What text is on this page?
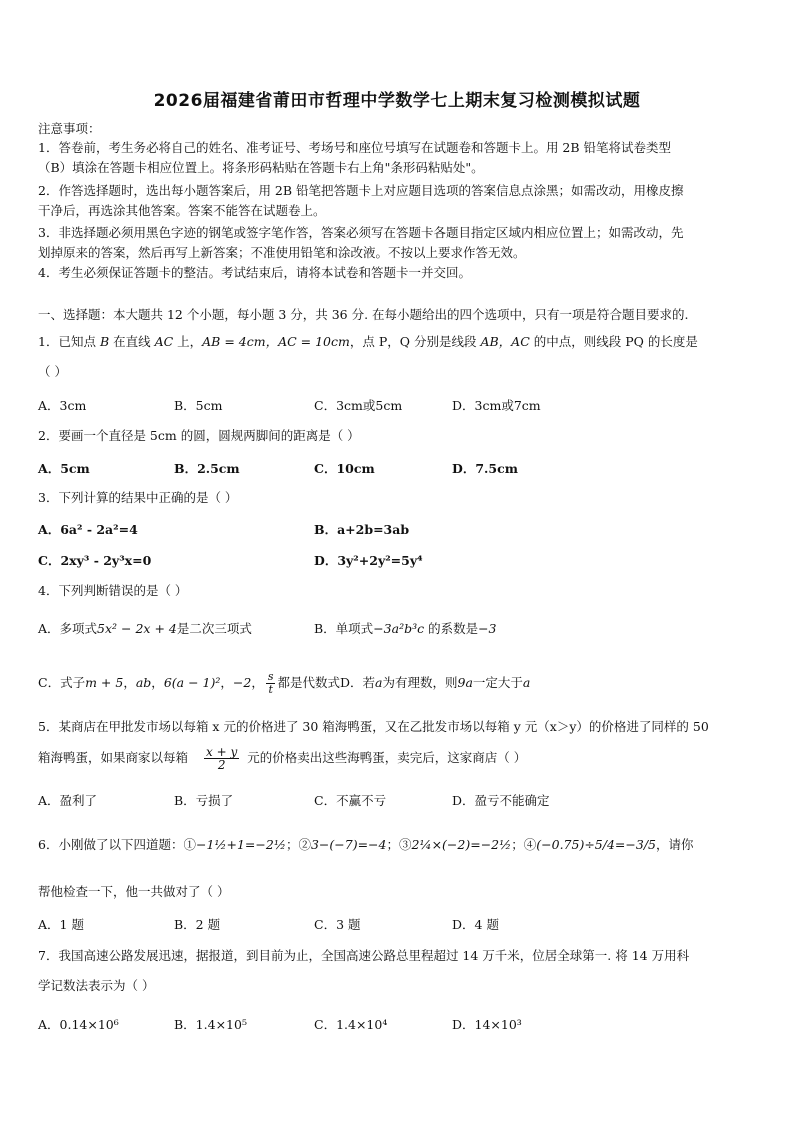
2026届福建省莆田市哲理中学数学七上期末复习检测模拟试题
注意事项：
1．答卷前，考生务必将自己的姓名、准考证号、考场号和座位号填写在试题卷和答题卡上。用 2B 铅笔将试卷类型
（B）填涂在答题卡相应位置上。将条形码粘贴在答题卡右上角"条形码粘贴处"。
2．作答选择题时，选出每小题答案后，用 2B 铅笔把答题卡上对应题目选项的答案信息点涂黑；如需改动，用橡皮擦
干净后，再选涂其他答案。答案不能答在试题卷上。
3．非选择题必须用黑色字迹的钢笔或签字笔作答，答案必须写在答题卡各题目指定区域内相应位置上；如需改动，先
划掉原来的答案，然后再写上新答案；不准使用铅笔和涂改液。不按以上要求作答无效。
4．考生必须保证答题卡的整洁。考试结束后，请将本试卷和答题卡一并交回。
一、选择题：本大题共 12 个小题，每小题 3 分，共 36 分. 在每小题给出的四个选项中，只有一项是符合题目要求的.
1．已知点 B 在直线 AC 上，AB = 4cm，AC = 10cm，点 P，Q 分别是线段 AB，AC 的中点，则线段 PQ 的长度是
（ ）
A．3cm	B．5cm	C．3cm或5cm	D．3cm或7cm
2．要画一个直径是 5cm 的圆，圆规两脚间的距离是（ ）
A．5cm	B．2.5cm	C．10cm	D．7.5cm
3．下列计算的结果中正确的是（ ）
A．6a² - 2a²=4	B．a+2b=3ab
C．2xy³ - 2y³x=0	D．3y²+2y²=5y⁴
4．下列判断错误的是（ ）
A．多项式5x² − 2x + 4是二次三项式	B．单项式−3a²b³c 的系数是−3
C．式子m + 5，ab，6(a − 1)²，−2， $\frac{s}{t}$ 都是代数式D．若a为有理数，则9a一定大于a
5．某商店在甲批发市场以每箱 x 元的价格进了 30 箱海鸭蛋，又在乙批发市场以每箱 y 元（x＞y）的价格进了同样的 50
箱海鸭蛋，如果商家以每箱 $\frac{x + y}{2}$ 元的价格卖出这些海鸭蛋，卖完后，这家商店（ ）
A．盈利了	B．亏损了	C．不赢不亏	D．盈亏不能确定
6．小刚做了以下四道题：①−1½+1=−2½；②3−(−7)=−4；③2¼×(−2)=−2½；④(−0.75)÷5/4=−3/5，请你
帮他检查一下，他一共做对了（ ）
A．1 题	B．2 题	C．3 题	D．4 题
7．我国高速公路发展迅速，据报道，到目前为止，全国高速公路总里程超过 14 万千米，位居全球第一. 将 14 万用科
学记数法表示为（ ）
A．0.14×10⁶	B．1.4×10⁵	C．1.4×10⁴	D．14×10³
